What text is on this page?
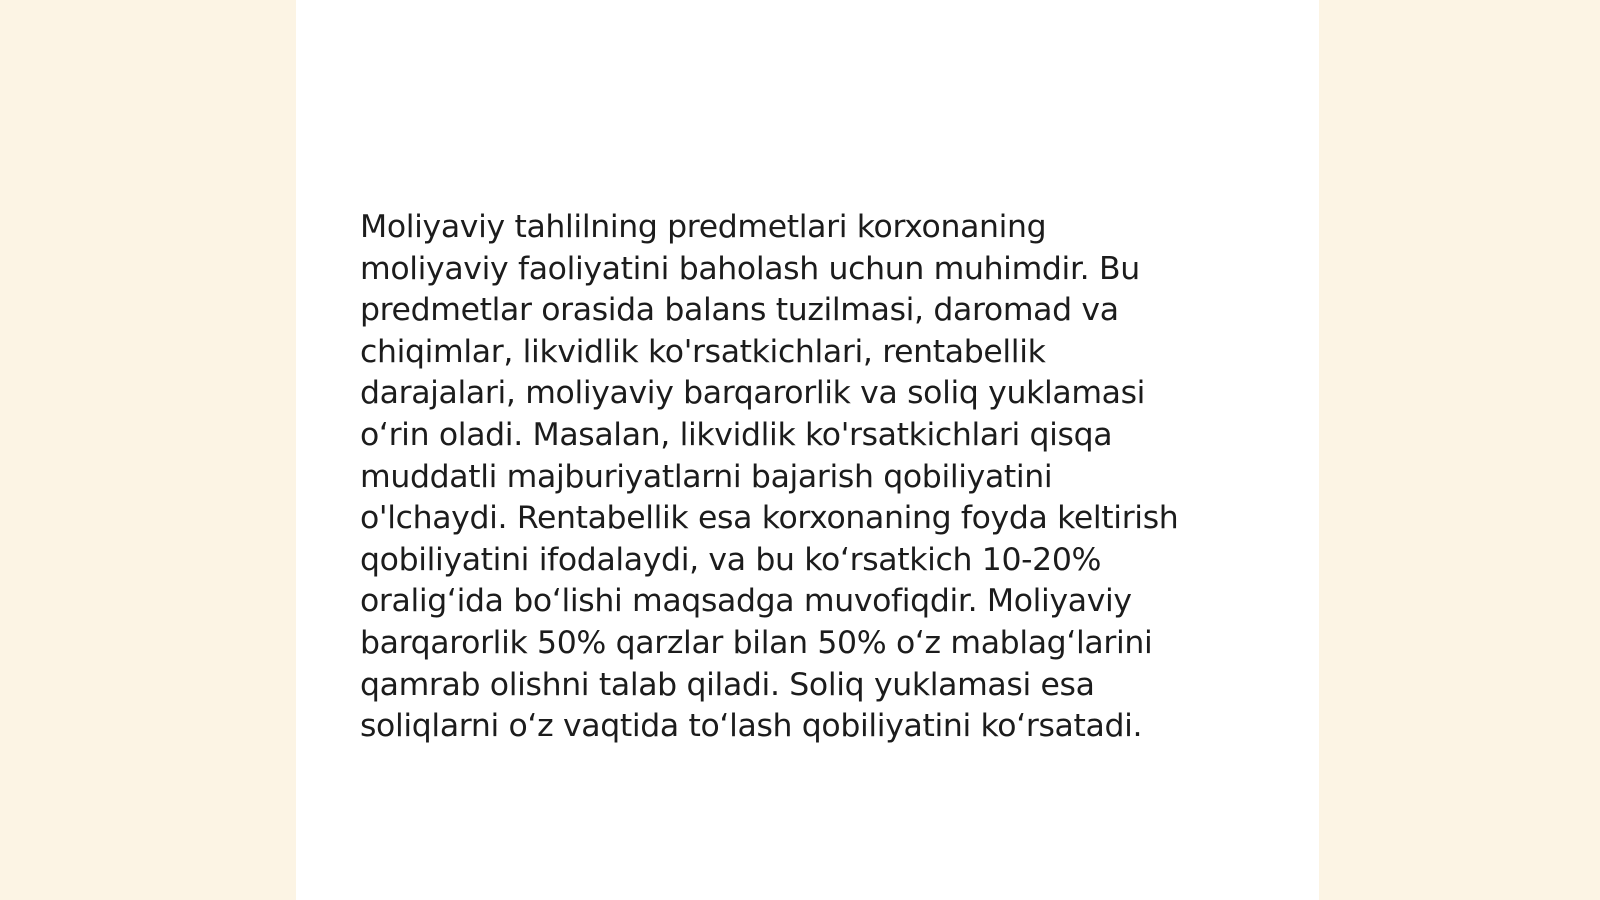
Moliyaviy tahlilning predmetlari korxonaning
moliyaviy faoliyatini baholash uchun muhimdir. Bu
predmetlar orasida balans tuzilmasi, daromad va
chiqimlar, likvidlik ko'rsatkichlari, rentabellik
darajalari, moliyaviy barqarorlik va soliq yuklamasi
oʻrin oladi. Masalan, likvidlik ko'rsatkichlari qisqa
muddatli majburiyatlarni bajarish qobiliyatini
o'lchaydi. Rentabellik esa korxonaning foyda keltirish
qobiliyatini ifodalaydi, va bu koʻrsatkich 10-20%
oraligʻida boʻlishi maqsadga muvofiqdir. Moliyaviy
barqarorlik 50% qarzlar bilan 50% oʻz mablagʻlarini
qamrab olishni talab qiladi. Soliq yuklamasi esa
soliqlarni oʻz vaqtida toʻlash qobiliyatini koʻrsatadi.
